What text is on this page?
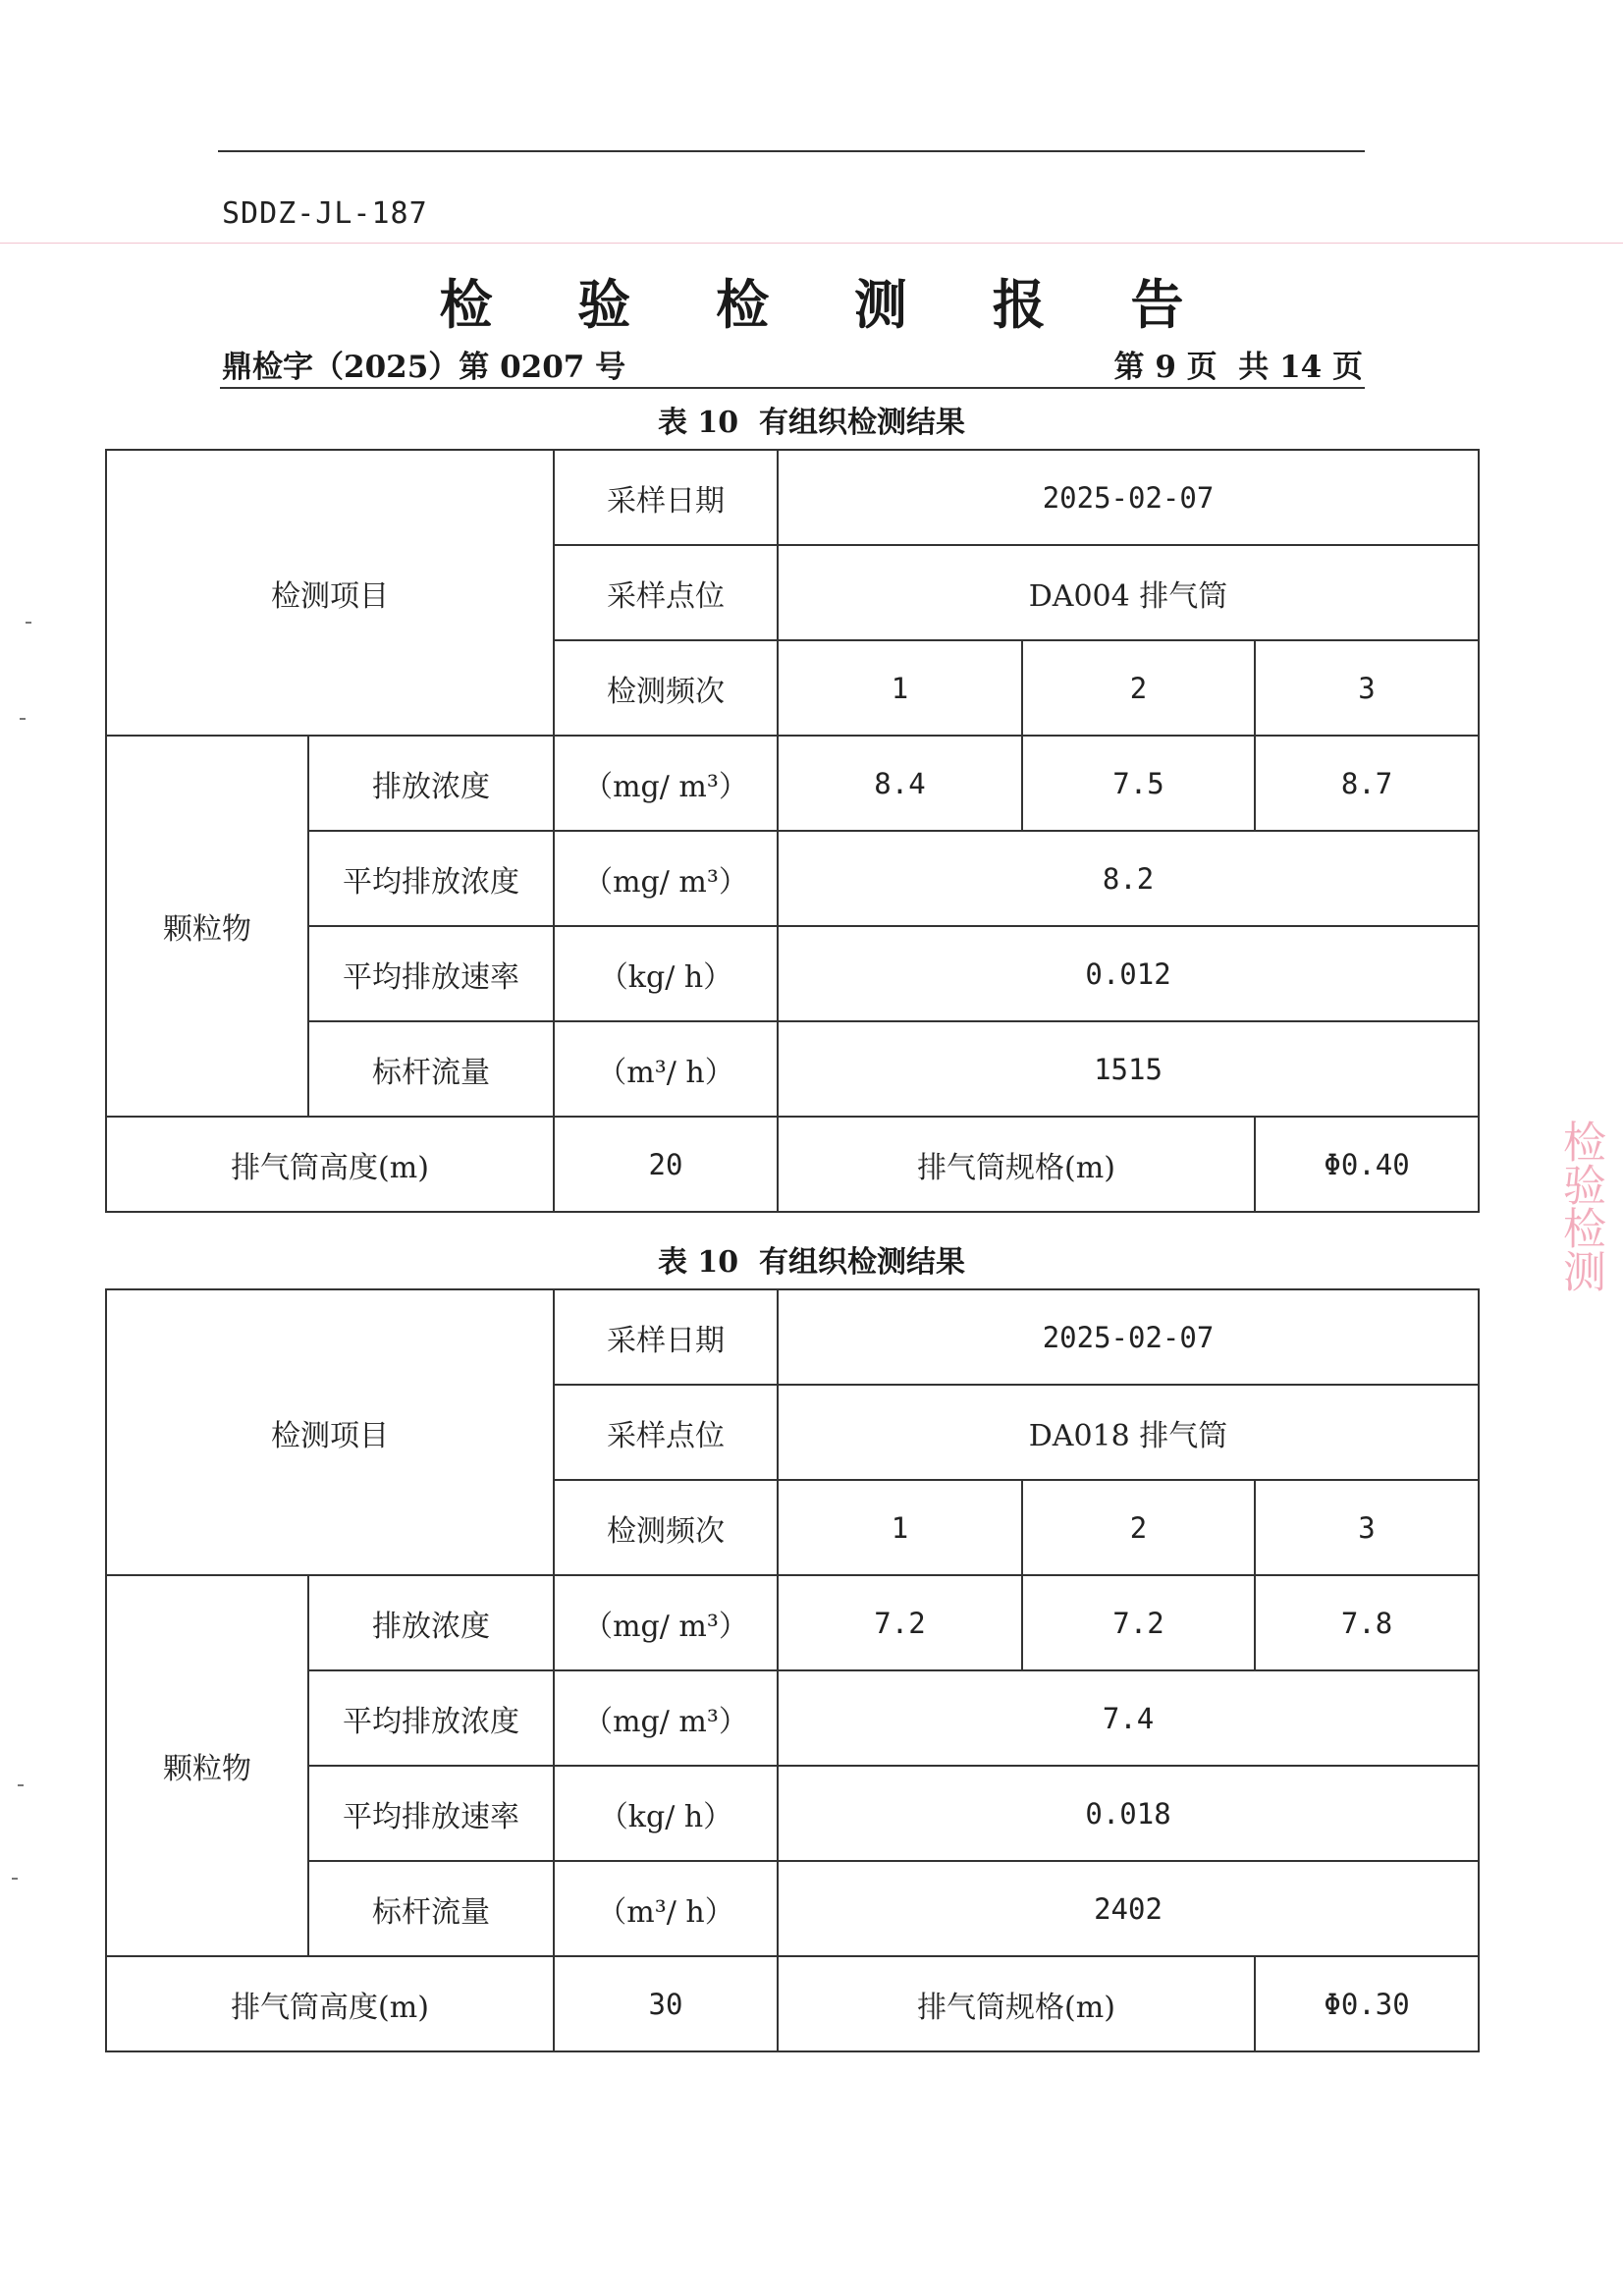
SDDZ-JL-187
检 验 检 测 报 告
鼎检字（2025）第 0207 号	第 9 页  共 14 页
表 10  有组织检测结果
检测项目		采样日期	2025-02-07		
		采样点位	DA004 排气筒		
		检测频次	1	2	3
颗粒物	排放浓度	（mg/ m³）	8.4	7.5	8.7
	平均排放浓度	（mg/ m³）	8.2		
	平均排放速率	（kg/ h）	0.012		
	标杆流量	（m³/ h）	1515		
排气筒高度(m)		20	排气筒规格(m)		Φ0.40
表 10  有组织检测结果
检测项目		采样日期	2025-02-07		
		采样点位	DA018 排气筒		
		检测频次	1	2	3
颗粒物	排放浓度	（mg/ m³）	7.2	7.2	7.8
	平均排放浓度	（mg/ m³）	7.4		
	平均排放速率	（kg/ h）	0.018		
	标杆流量	（m³/ h）	2402		
排气筒高度(m)		30	排气筒规格(m)		Φ0.30
检验检测
